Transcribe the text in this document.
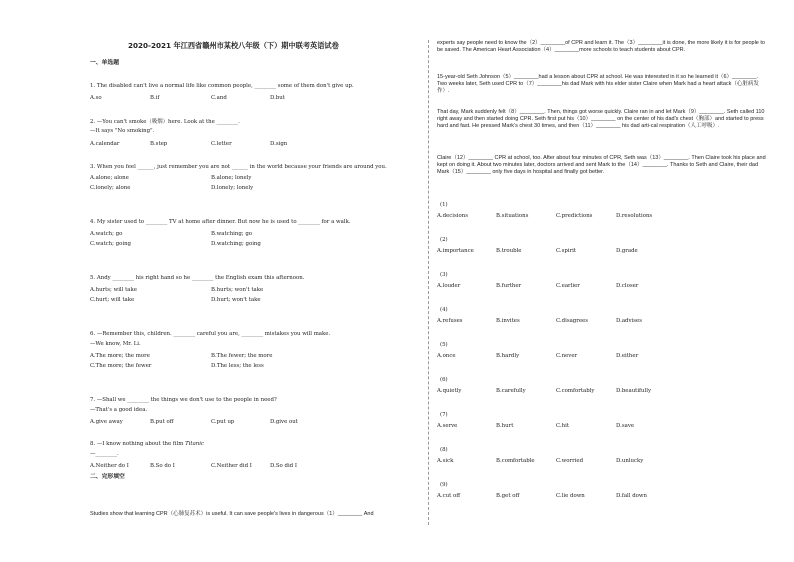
2020-2021 年江西省赣州市某校八年级（下）期中联考英语试卷
一、单选题
1. The disabled can't live a normal life like common people, ________ some of them don't give up.
A.so	B.if	C.and	D.but
2. —You can't smoke（吸烟）here. Look at the ________.
—It says "No smoking".
A.calendar	B.step	C.letter	D.sign
3. When you feel ______, just remember you are not ______ in the world because your friends are around you.
A.alone; alone	B.alone; lonely
C.lonely; alone	D.lonely; lonely
4. My sister used to ________ TV at home after dinner. But now he is used to ________ for a walk.
A.watch; go	B.watching; go
C.watch; going	D.watching; going
5. Andy ________ his right hand so he ________ the English exam this afternoon.
A.hurts; will take	B.hurts; won't take
C.hurt; will take	D.hurt; won't take
6. —Remember this, children. ________ careful you are, ________ mistakes you will make.
—We know, Mr. Li.
A.The more; the more	B.The fewer; the more
C.The more; the fewer	D.The less; the less
7. —Shall we ________ the things we don't use to the people in need?
—That's a good idea.
A.give away	B.put off	C.put up	D.give out
8. —I know nothing about the film Titanic
—________.
A.Neither do I	B.So do I	C.Neither did I	D.So did I
二、完形填空
Studies show that learning CPR（心肺复苏术）is useful. It can save people's lives in dangerous（1）________ And
experts say people need to know the（2）________of CPR and learn it. The（3）________it is done, the more likely it is for people to be saved. The American Heart Association（4）________more schools to teach students about CPR.
15-year-old Seth Johnson（5）________had a lesson about CPR at school. He was interested in it so he learned it（6）________. Two weeks later, Seth used CPR to（7）________his dad Mark with his elder sister Claire when Mark had a heart attack（心脏病发作）.
That day, Mark suddenly felt（8）________. Then, things got worse quickly. Claire ran in and let Mark（9）________. Seth called 110 right away and then started doing CPR. Seth first put his（10）________ on the center of his dad's chest（胸部）and started to press hard and fast. He pressed Mark's chest 30 times, and then（11）________ his dad arti-cal respiration（人工呼吸）.
Claire（12）________ CPR at school, too. After about four minutes of CPR, Seth was（13）________. Then Claire took his place and kept on doing it. About two minutes later, doctors arrived and sent Mark to the（14）________. Thanks to Seth and Claire, their dad Mark（15）________ only five days in hospital and finally got better.
(1)
A.decisions	B.situations	C.predictions	D.resolutions
(2)
A.importance	B.trouble	C.spirit	D.grade
(3)
A.louder	B.further	C.earlier	D.closer
(4)
A.refuses	B.invites	C.disagrees	D.advises
(5)
A.once	B.hardly	C.never	D.either
(6)
A.quietly	B.carefully	C.comfortably	D.beautifully
(7)
A.serve	B.hurt	C.hit	D.save
(8)
A.sick	B.comfortable	C.worried	D.unlucky
(9)
A.cut off	B.get off	C.lie down	D.fall down
